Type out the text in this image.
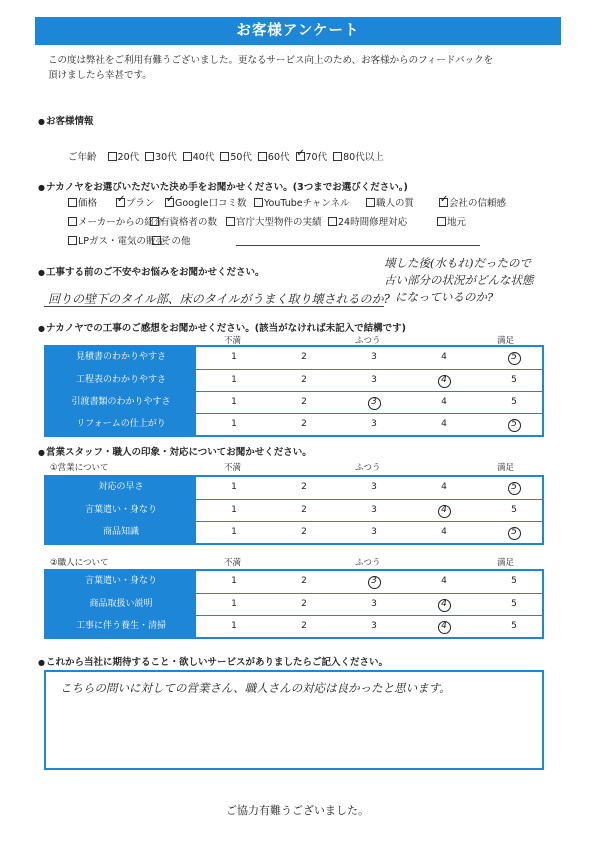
お客様アンケート
この度は弊社をご利用有難うございました。更なるサービス向上のため、お客様からのフィードバックを
頂けましたら幸甚です。
● お客様情報
ご年齢 20代 30代 40代 50代 60代 ✓ 70代 80代以上
● ナカノヤをお選びいただいた決め手をお聞かせください。(3つまでお選びください。)
価格 ✓	プラン ✓	Google口コミ数	YouTubeチャンネル	職人の質 ✓	会社の信頼感
メーカーからの紹介
有資格者の数	官庁大型物件の実績	24時間修理対応	地元
LPガス・電気の販売
その他
● 工事する前のご不安やお悩みをお聞かせください。
回りの壁下のタイル部、床のタイルがうまく取り壊されるのか?
壊した後(水もれ)だったので
古い部分の状況がどんな状態
になっているのか?
● ナカノヤでの工事のご感想をお聞かせください。(該当がなければ未記入で結構です)
不満	ふつう	満足
見積書のわかりやすさ	1	2	3	4	5
工程表のわかりやすさ	1	2	3	4	5
引渡書類のわかりやすさ	1	2	3	4	5
リフォームの仕上がり	1	2	3	4	5
● 営業スタッフ・職人の印象・対応についてお聞かせください。
①営業について	不満	ふつう	満足
対応の早さ	1	2	3	4	5
言葉遣い・身なり	1	2	3	4	5
商品知識	1	2	3	4	5
②職人について	不満	ふつう	満足
言葉遣い・身なり	1	2	3	4	5
商品取扱い説明	1	2	3	4	5
工事に伴う養生・清掃	1	2	3	4	5
● これから当社に期待すること・欲しいサービスがありましたらご記入ください。
こちらの問いに対しての営業さん、職人さんの対応は良かったと思います。
ご協力有難うございました。
